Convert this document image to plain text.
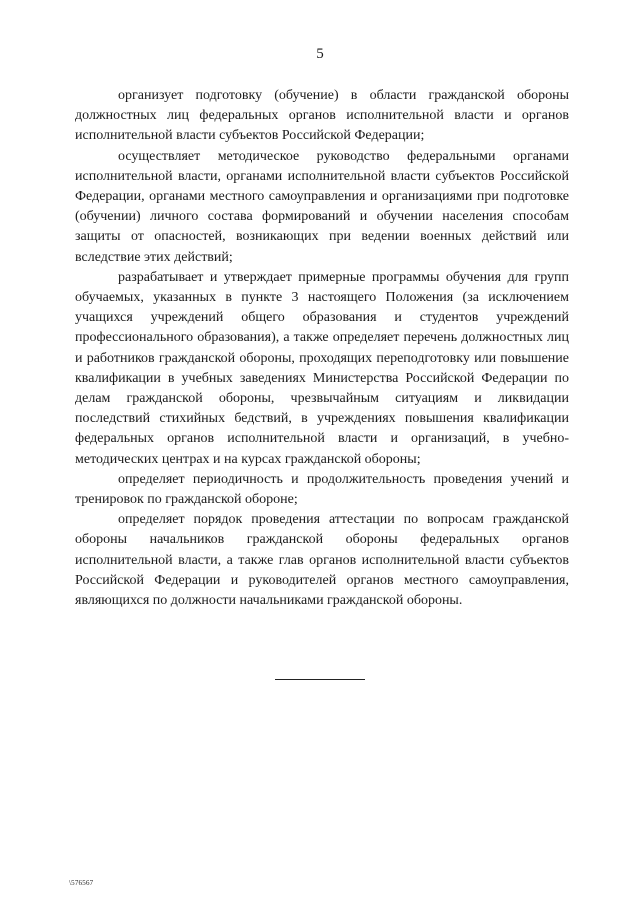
5

организует подготовку (обучение) в области гражданской обороны должностных лиц федеральных органов исполнительной власти и органов исполнительной власти субъектов Российской Федерации;

осуществляет методическое руководство федеральными органами исполнительной власти, органами исполнительной власти субъектов Российской Федерации, органами местного самоуправления и организациями при подготовке (обучении) личного состава формирований и обучении населения способам защиты от опасностей, возникающих при ведении военных действий или вследствие этих действий;

разрабатывает и утверждает примерные программы обучения для групп обучаемых, указанных в пункте 3 настоящего Положения (за исключением учащихся учреждений общего образования и студентов учреждений профессионального образования), а также определяет перечень должностных лиц и работников гражданской обороны, проходящих переподготовку или повышение квалификации в учебных заведениях Министерства Российской Федерации по делам гражданской обороны, чрезвычайным ситуациям и ликвидации последствий стихийных бедствий, в учреждениях повышения квалификации федеральных органов исполнительной власти и организаций, в учебно-методических центрах и на курсах гражданской обороны;

определяет периодичность и продолжительность проведения учений и тренировок по гражданской обороне;

определяет порядок проведения аттестации по вопросам гражданской обороны начальников гражданской обороны федеральных органов исполнительной власти, а также глав органов исполнительной власти субъектов Российской Федерации и руководителей органов местного самоуправления, являющихся по должности начальниками гражданской обороны.

\576567
